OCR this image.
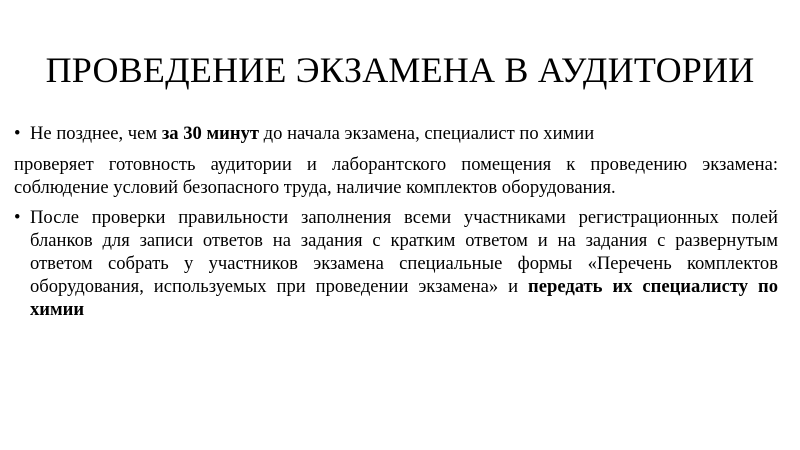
ПРОВЕДЕНИЕ ЭКЗАМЕНА В АУДИТОРИИ

• Не позднее, чем за 30 минут до начала экзамена, специалист по химии

проверяет готовность аудитории и лаборантского помещения к проведению экзамена: соблюдение условий безопасного труда, наличие комплектов оборудования.

• После проверки правильности заполнения всеми участниками регистрационных полей бланков для записи ответов на задания с кратким ответом и на задания с развернутым ответом собрать у участников экзамена специальные формы «Перечень комплектов оборудования, используемых при проведении экзамена» и передать их специалисту по химии
